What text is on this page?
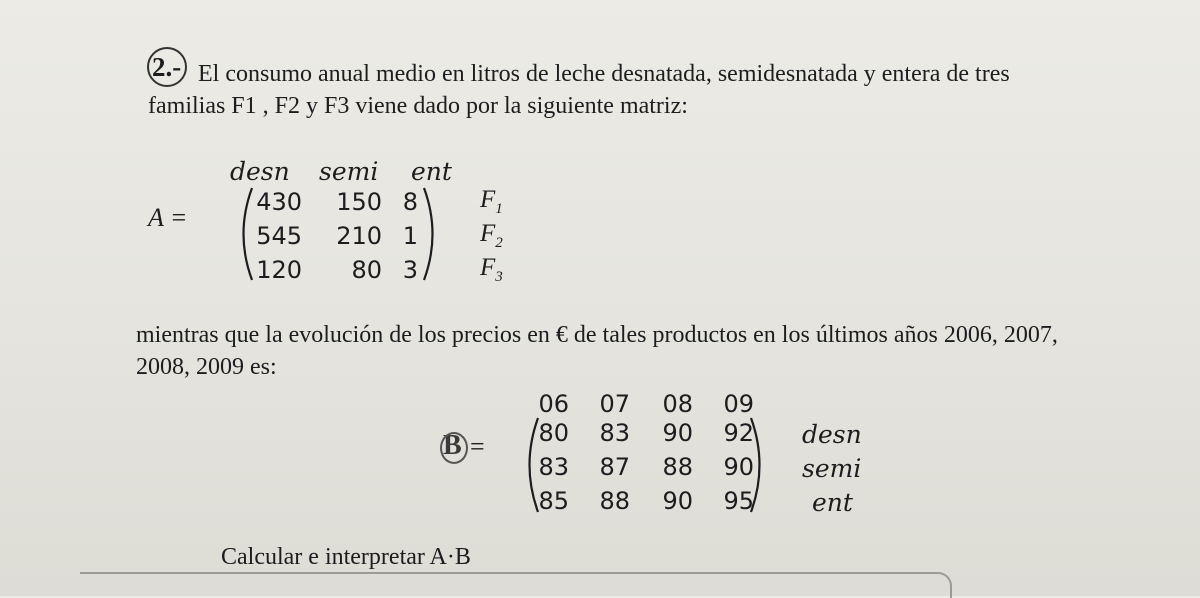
2.- El consumo anual medio en litros de leche desnatada, semidesnatada y entera de tres
familias F1 , F2 y F3 viene dado por la siguiente matriz:
desn semi ent
A =
430 150 8
545 210 1
120	80 3
$F_1$
$F_2$
$F_3$
mientras que la evolución de los precios en € de tales productos en los últimos años 2006, 2007,
2008, 2009 es:
06	07	08	09
B =	80	83	90	92
83	87	88	90
85	88	90	95
desn
semi
ent
Calcular e interpretar A·B
